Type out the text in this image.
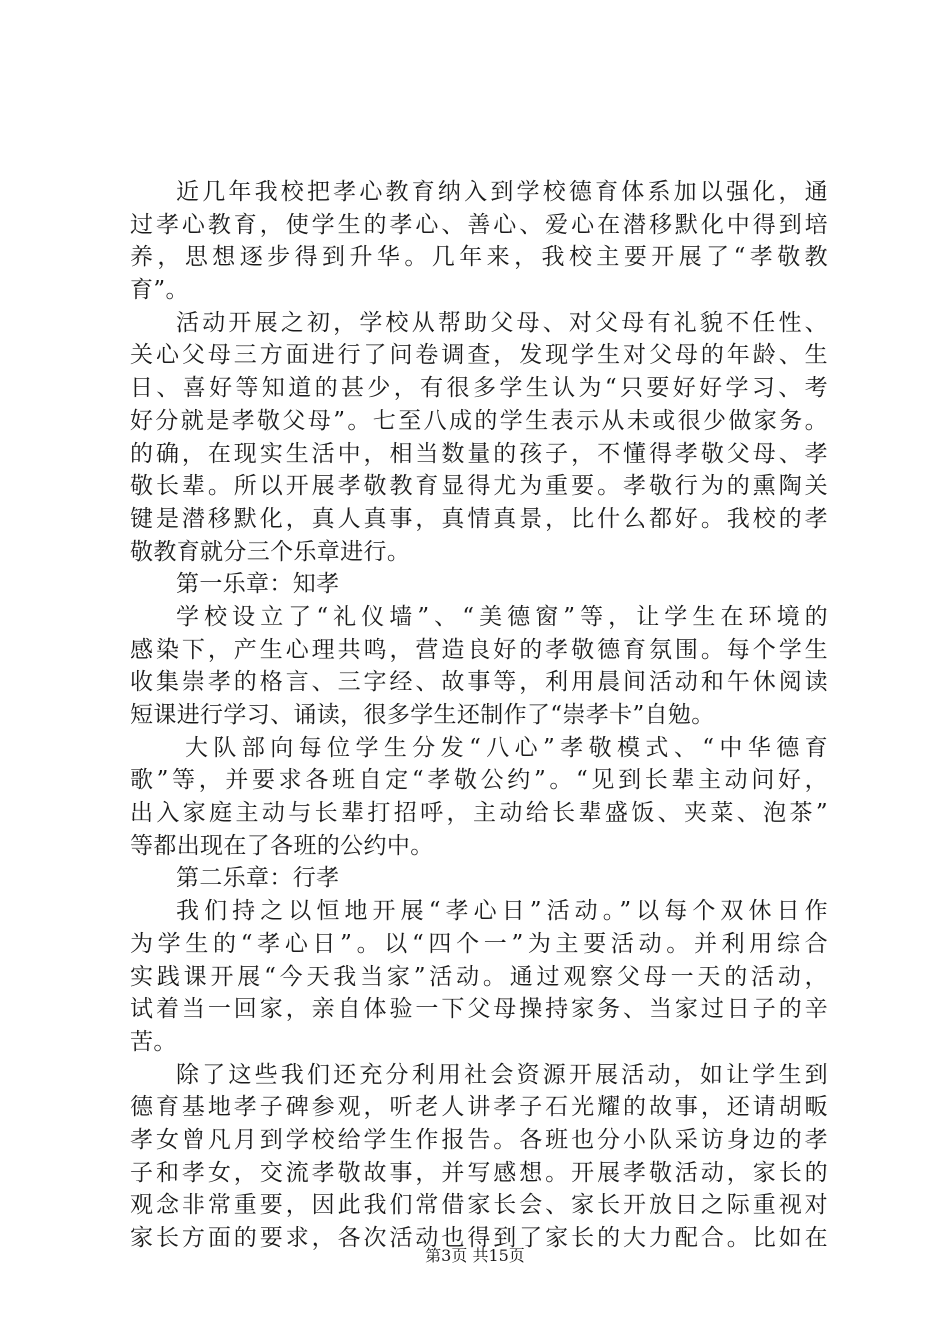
近几年我校把孝心教育纳入到学校德育体系加以强化，通
过孝心教育，使学生的孝心、善心、爱心在潜移默化中得到培
养，思想逐步得到升华。几年来，我校主要开展了“孝敬教
育”。
活动开展之初，学校从帮助父母、对父母有礼貌不任性、
关心父母三方面进行了问卷调查，发现学生对父母的年龄、生
日、喜好等知道的甚少，有很多学生认为“只要好好学习、考
好分就是孝敬父母”。七至八成的学生表示从未或很少做家务。
的确，在现实生活中，相当数量的孩子，不懂得孝敬父母、孝
敬长辈。所以开展孝敬教育显得尤为重要。孝敬行为的熏陶关
键是潜移默化，真人真事，真情真景，比什么都好。我校的孝
敬教育就分三个乐章进行。
第一乐章：知孝
学校设立了“礼仪墙”、“美德窗”等，让学生在环境的
感染下，产生心理共鸣，营造良好的孝敬德育氛围。每个学生
收集崇孝的格言、三字经、故事等，利用晨间活动和午休阅读
短课进行学习、诵读，很多学生还制作了“崇孝卡”自勉。
大队部向每位学生分发“八心”孝敬模式、“中华德育
歌”等，并要求各班自定“孝敬公约”。“见到长辈主动问好，
出入家庭主动与长辈打招呼，主动给长辈盛饭、夹菜、泡茶”
等都出现在了各班的公约中。
第二乐章：行孝
我们持之以恒地开展“孝心日”活动。”以每个双休日作
为学生的“孝心日”。以“四个一”为主要活动。并利用综合
实践课开展“今天我当家”活动。通过观察父母一天的活动，
试着当一回家，亲自体验一下父母操持家务、当家过日子的辛
苦。
除了这些我们还充分利用社会资源开展活动，如让学生到
德育基地孝子碑参观，听老人讲孝子石光耀的故事，还请胡畈
孝女曾凡月到学校给学生作报告。各班也分小队采访身边的孝
子和孝女，交流孝敬故事，并写感想。开展孝敬活动，家长的
观念非常重要，因此我们常借家长会、家长开放日之际重视对
家长方面的要求，各次活动也得到了家长的大力配合。比如在
第3页 共15页
